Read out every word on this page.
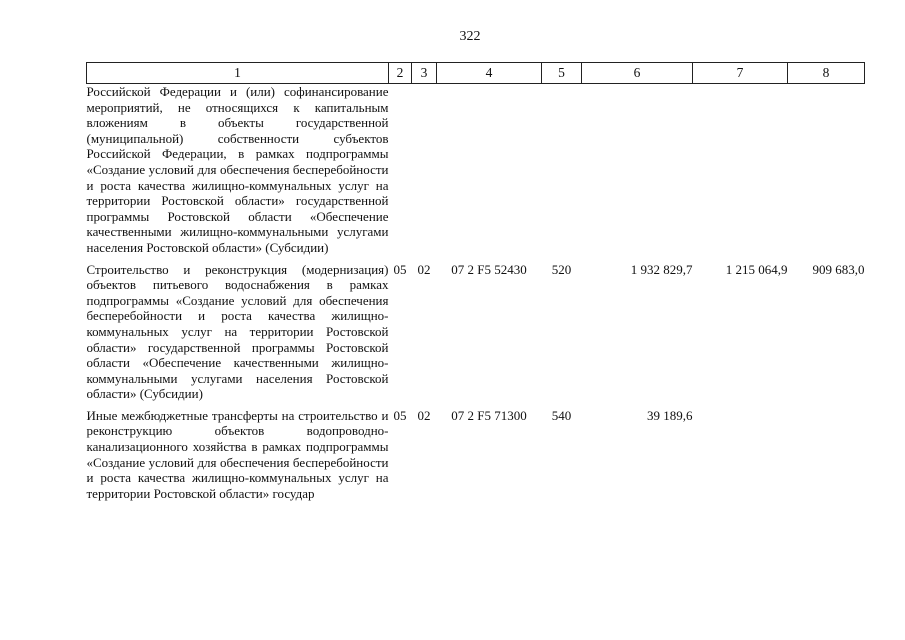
322
1	2	3	4	5	6	7	8
Российской Федерации и (или) софинансирование мероприятий, не относящихся к капитальным вложениям в объекты государственной (муниципальной) собственности субъектов Российской Федерации, в рамках подпрограммы «Создание условий для обеспечения бесперебойности и роста качества жилищно-коммунальных услуг на территории Ростовской области» государственной программы Ростовской области «Обеспечение качественными жилищно-коммунальными услугами населения Ростовской области» (Субсидии)							
Строительство и реконструкция (модернизация) объектов питьевого водоснабжения в рамках подпрограммы «Создание условий для обеспечения бесперебойности и роста качества жилищно-коммунальных услуг на территории Ростовской области» государственной программы Ростовской области «Обеспечение качественными жилищно-коммунальными услугами населения Ростовской области» (Субсидии)	05	02	07 2 F5 52430	520	1 932 829,7	1 215 064,9	909 683,0
Иные межбюджетные трансферты на строительство и реконструкцию объектов водопроводно-канализационного хозяйства в рамках подпрограммы «Создание условий для обеспечения бесперебойности и роста качества жилищно-коммунальных услуг на территории Ростовской области» государ	05	02	07 2 F5 71300	540	39 189,6		
